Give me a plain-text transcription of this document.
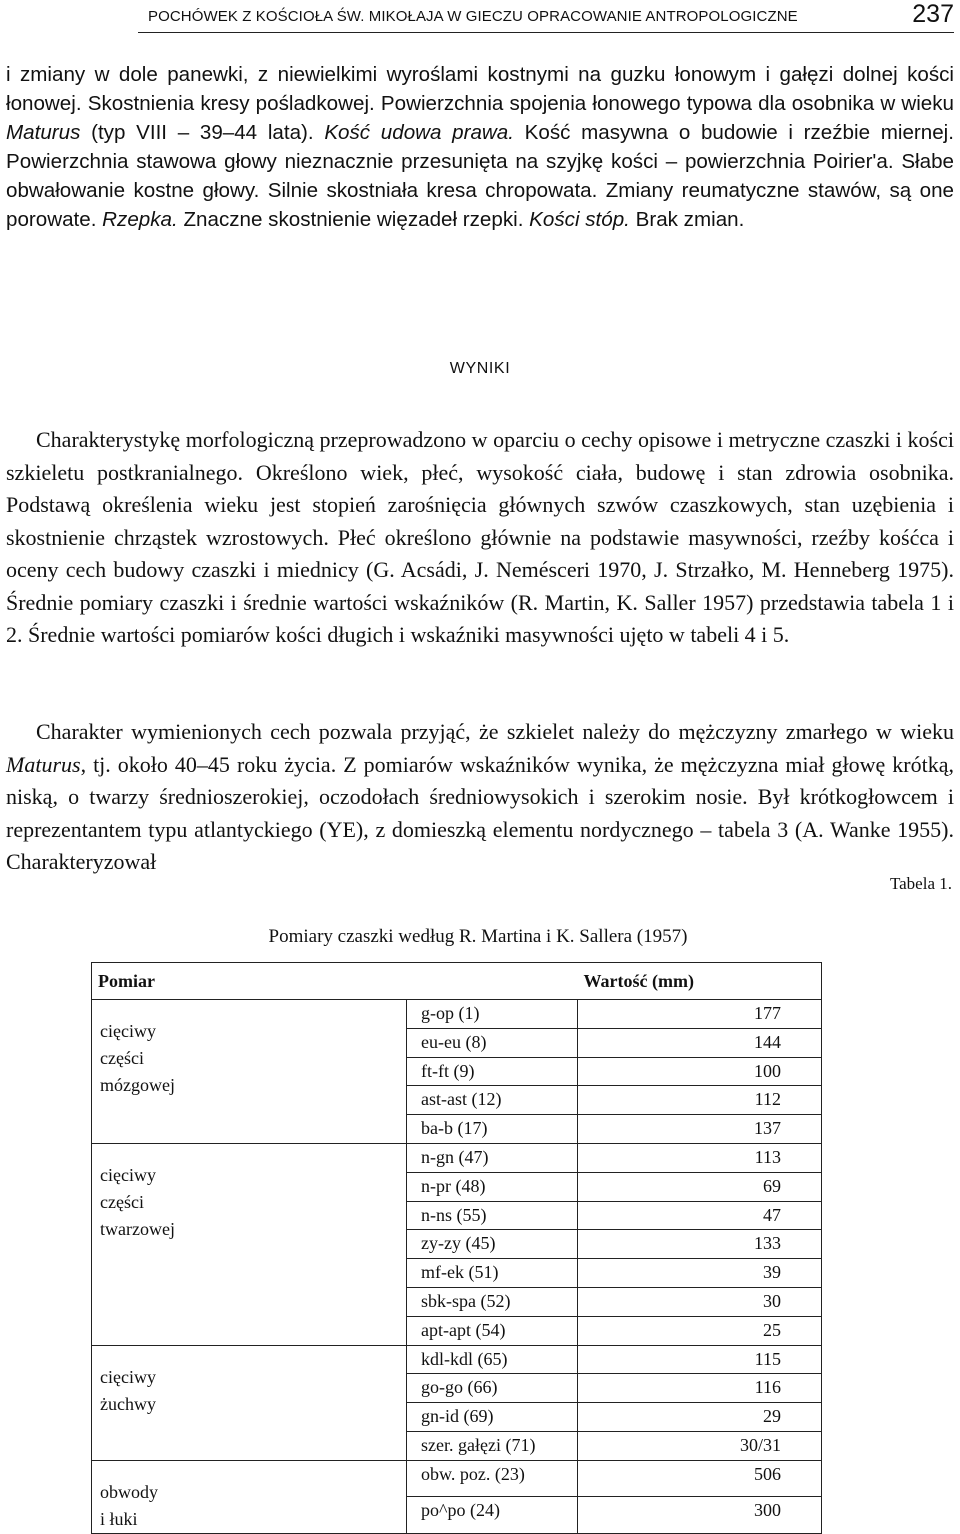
POCHÓWEK Z KOŚCIOŁA ŚW. MIKOŁAJA W GIECZU OPRACOWANIE ANTROPOLOGICZNE	237

i zmiany w dole panewki, z niewielkimi wyroślami kostnymi na guzku łonowym i gałęzi dolnej kości łonowej. Skostnienia kresy pośladkowej. Powierzchnia spojenia łonowego typowa dla osobnika w wieku Maturus (typ VIII – 39–44 lata). Kość udowa prawa. Kość masywna o budowie i rzeźbie miernej. Powierzchnia stawowa głowy nieznacznie przesunięta na szyjkę kości – powierzchnia Poirier'a. Słabe obwałowanie kostne głowy. Silnie skostniała kresa chropowata. Zmiany reumatyczne stawów, są one porowate. Rzepka. Znaczne skostnienie więzadeł rzepki. Kości stóp. Brak zmian.

WYNIKI

Charakterystykę morfologiczną przeprowadzono w oparciu o cechy opisowe i metryczne czaszki i kości szkieletu postkranialnego. Określono wiek, płeć, wysokość ciała, budowę i stan zdrowia osobnika. Podstawą określenia wieku jest stopień zarośnięcia głównych szwów czaszkowych, stan uzębienia i skostnienie chrząstek wzrostowych. Płeć określono głównie na podstawie masywności, rzeźby kośćca i oceny cech budowy czaszki i miednicy (G. Acsádi, J. Nemésceri 1970, J. Strzałko, M. Henneberg 1975). Średnie pomiary czaszki i średnie wartości wskaźników (R. Martin, K. Saller 1957) przedstawia tabela 1 i 2. Średnie wartości pomiarów kości długich i wskaźniki masywności ujęto w tabeli 4 i 5.

Charakter wymienionych cech pozwala przyjąć, że szkielet należy do mężczyzny zmarłego w wieku Maturus, tj. około 40–45 roku życia. Z pomiarów wskaźników wynika, że mężczyzna miał głowę krótką, niską, o twarzy średnioszerokiej, oczodołach średniowysokich i szerokim nosie. Był krótkogłowcem i reprezentantem typu atlantyckiego (YE), z domieszką elementu nordycznego – tabela 3 (A. Wanke 1955). Charakteryzował

Tabela 1.
Pomiary czaszki według R. Martina i K. Sallera (1957)
Pomiar		Wartość (mm)

cięciwy
części
mózgowej	g-op (1)	177
	eu-eu (8)	144
	ft-ft (9)	100
	ast-ast (12)	112
	ba-b (17)	137

cięciwy
części
twarzowej	n-gn (47)	113
	n-pr (48)	69
	n-ns (55)	47
	zy-zy (45)	133
	mf-ek (51)	39
	sbk-spa (52)	30
	apt-apt (54)	25

cięciwy
żuchwy	kdl-kdl (65)	115
	go-go (66)	116
	gn-id (69)	29
	szer. gałęzi (71)	30/31

obwody
i łuki	obw. poz. (23)	506
	po^po (24)	300
